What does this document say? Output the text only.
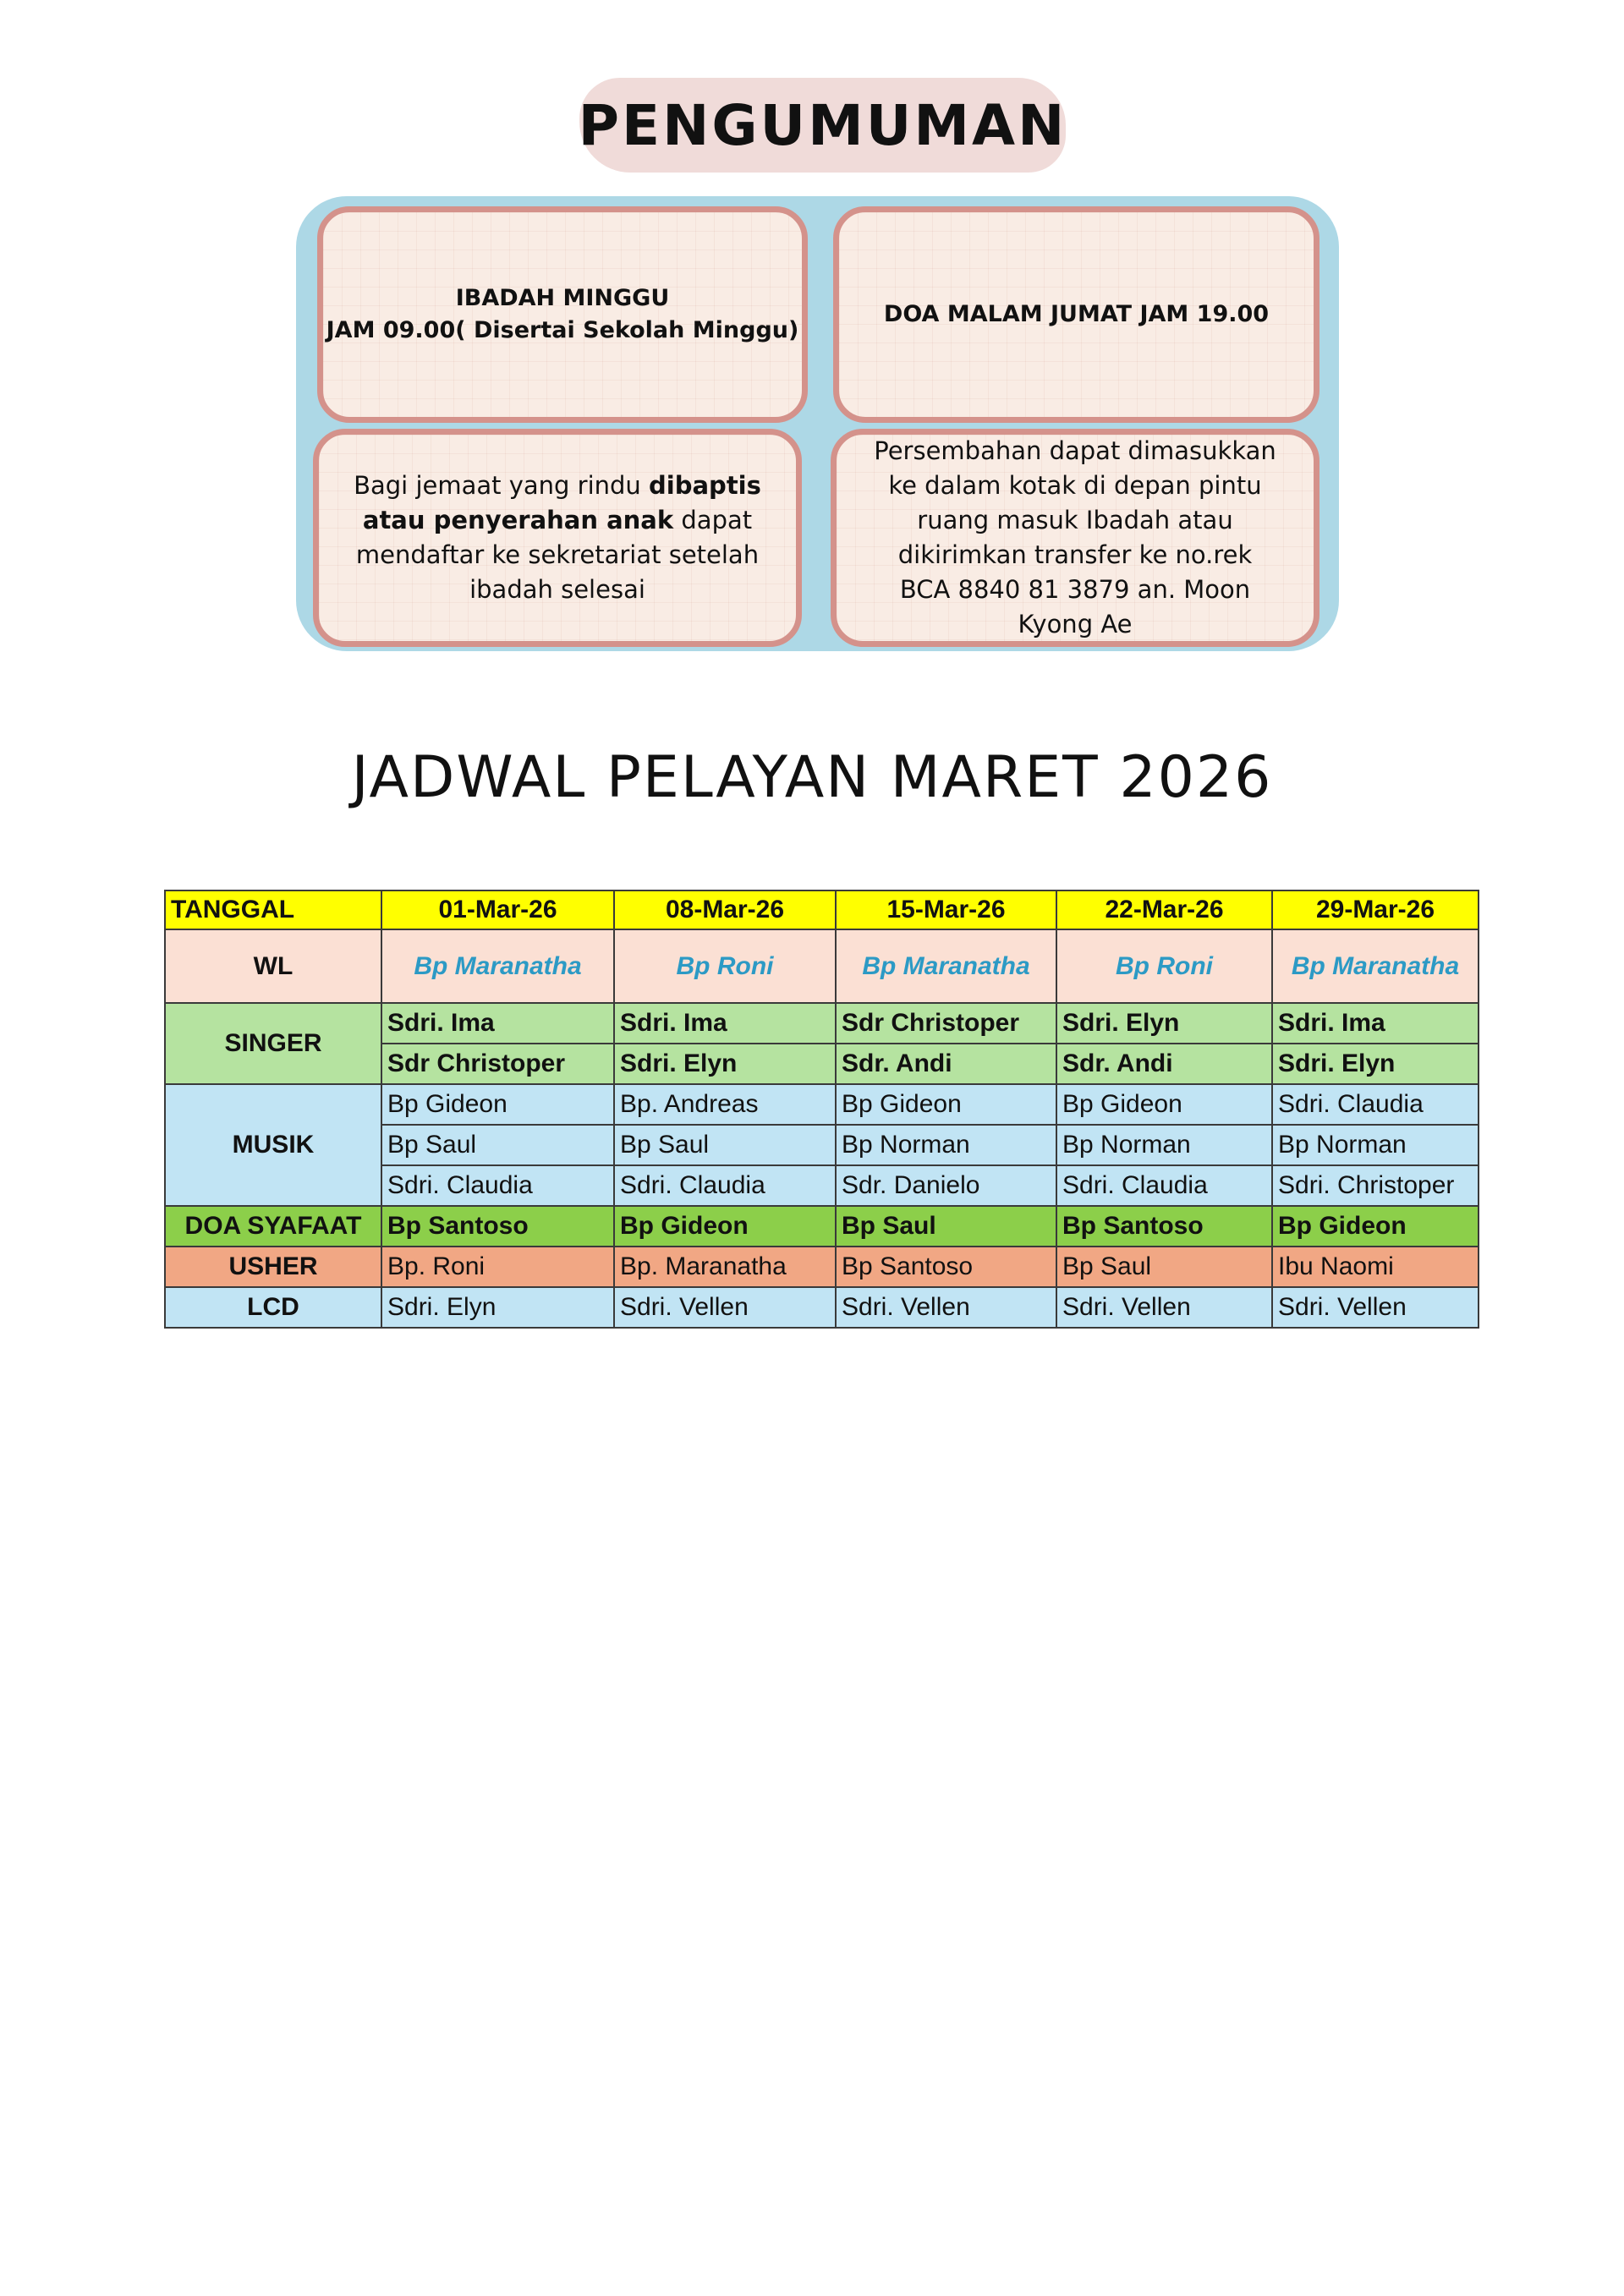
PENGUMUMAN
IBADAH MINGGU
JAM 09.00( Disertai Sekolah Minggu)
DOA MALAM JUMAT JAM 19.00
Bagi jemaat yang rindu dibaptis atau penyerahan anak dapat mendaftar ke sekretariat setelah ibadah selesai
Persembahan dapat dimasukkan ke dalam kotak di depan pintu ruang masuk Ibadah atau dikirimkan transfer ke no.rek BCA 8840 81 3879 an. Moon Kyong Ae
JADWAL PELAYAN MARET 2026
TANGGAL	01-Mar-26	08-Mar-26	15-Mar-26	22-Mar-26	29-Mar-26
WL	Bp Maranatha	Bp Roni	Bp Maranatha	Bp Roni	Bp Maranatha
SINGER	Sdri. Ima	Sdri. Ima	Sdr Christoper	Sdri. Elyn	Sdri. Ima
	Sdr Christoper	Sdri. Elyn	Sdr. Andi	Sdr. Andi	Sdri. Elyn
MUSIK	Bp Gideon	Bp. Andreas	Bp Gideon	Bp Gideon	Sdri. Claudia
	Bp Saul	Bp Saul	Bp Norman	Bp Norman	Bp Norman
	Sdri. Claudia	Sdri. Claudia	Sdr. Danielo	Sdri. Claudia	Sdri. Christoper
DOA SYAFAAT	Bp Santoso	Bp Gideon	Bp Saul	Bp Santoso	Bp Gideon
USHER	Bp. Roni	Bp. Maranatha	Bp Santoso	Bp Saul	Ibu Naomi
LCD	Sdri. Elyn	Sdri. Vellen	Sdri. Vellen	Sdri. Vellen	Sdri. Vellen
